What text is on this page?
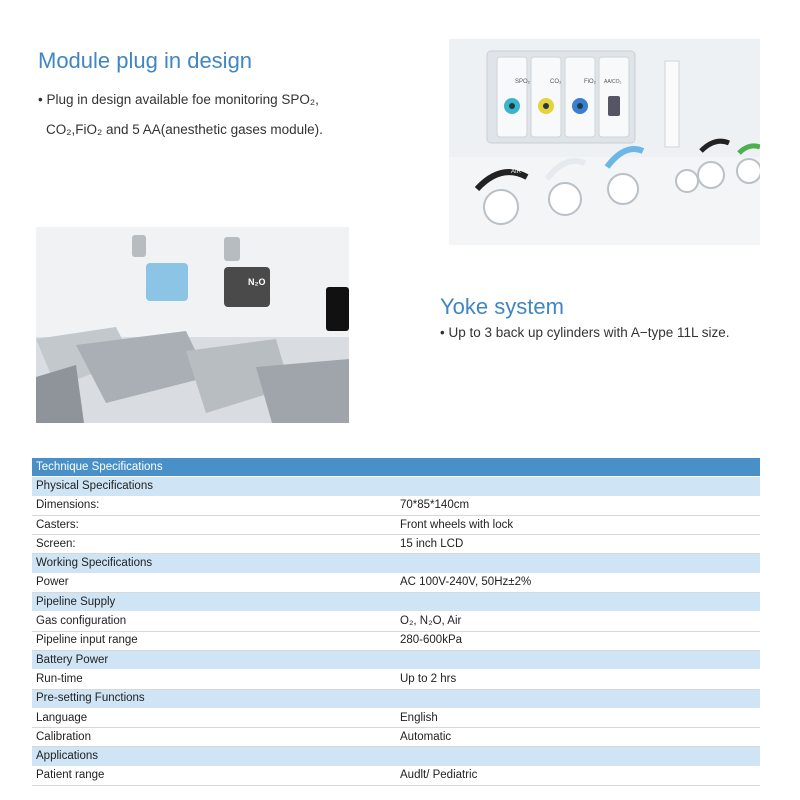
Module plug in design
• Plug in design available foe monitoring SPO₂,
CO₂,FiO₂ and 5 AA(anesthetic gases module).
SPO₂	CO₂	FiO₂ AA/CO₂
AIR
N₂O
Yoke system
• Up to 3 back up cylinders with A−type 11L size.
Technique Specifications	
Physical Specifications	
Dimensions:	70*85*140cm
Casters:	Front wheels with lock
Screen:	15 inch LCD
Working Specifications	
Power	AC 100V-240V, 50Hz±2%
Pipeline Supply	
Gas configuration	O₂, N₂O, Air
Pipeline input range	280-600kPa
Battery Power	
Run-time	Up to 2 hrs
Pre-setting Functions	
Language	English
Calibration	Automatic
Applications	
Patient range	Audlt/ Pediatric
